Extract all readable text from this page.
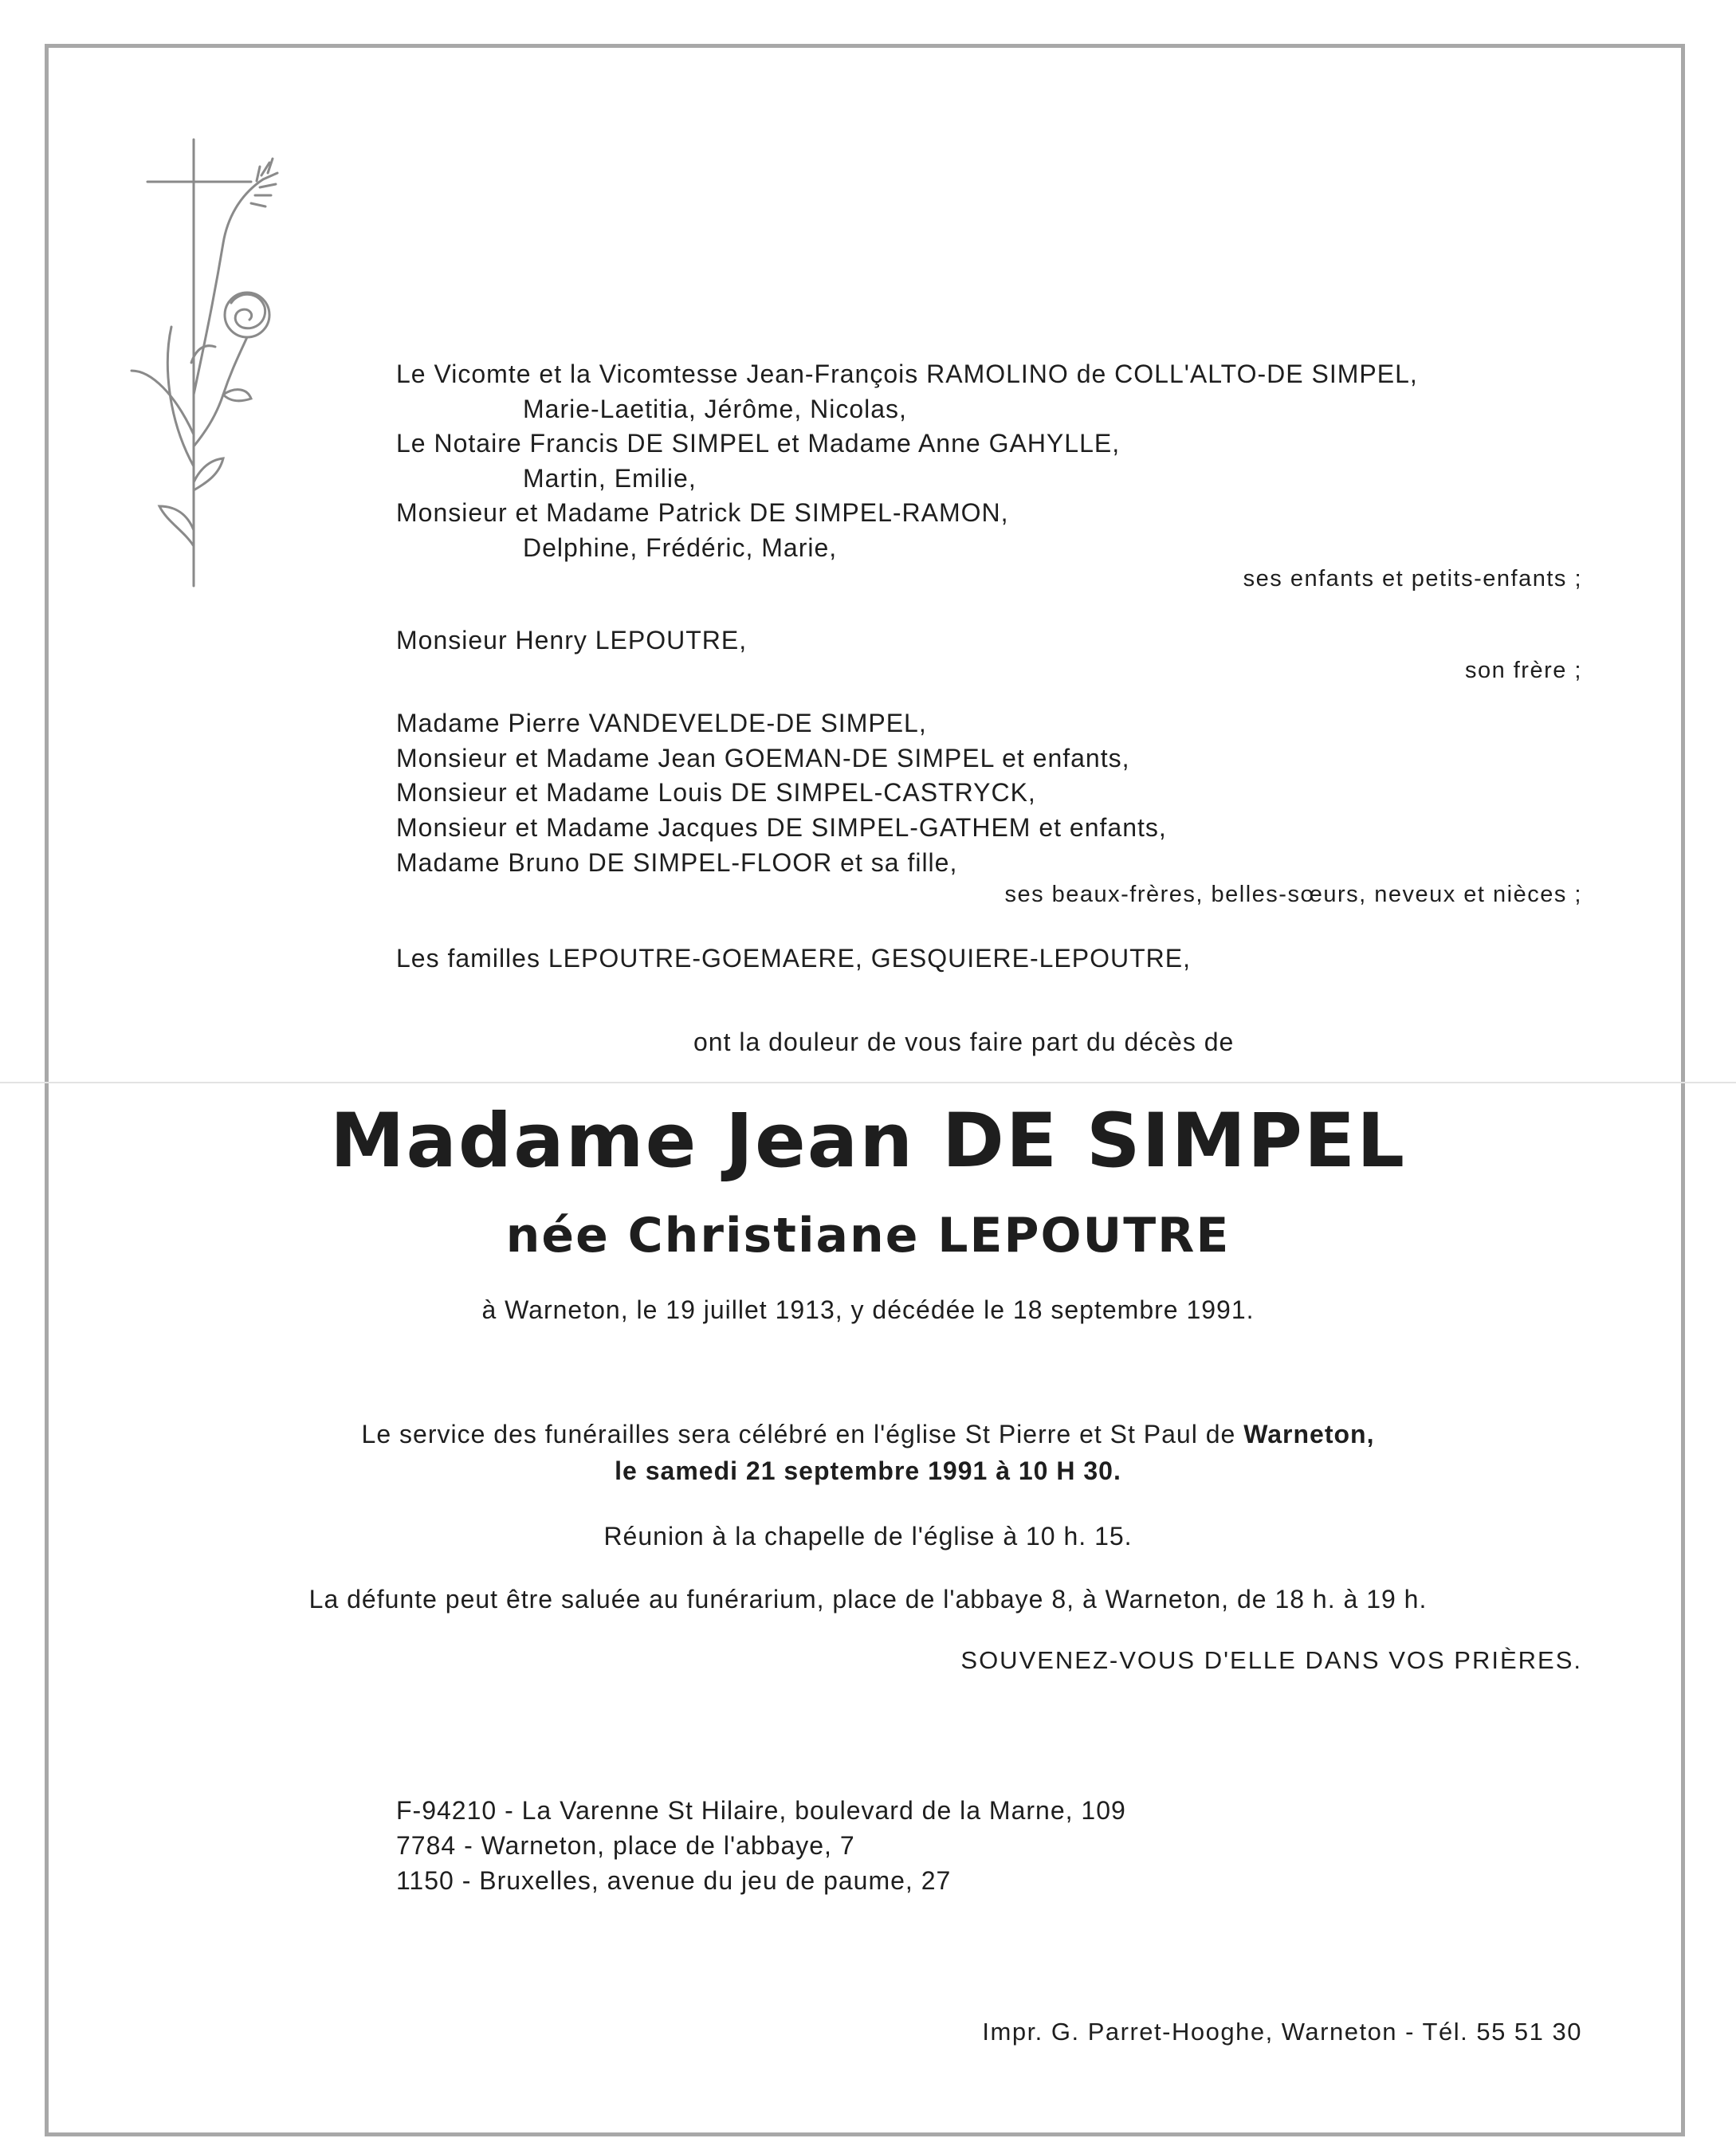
Le Vicomte et la Vicomtesse Jean-François RAMOLINO de COLL'ALTO-DE SIMPEL,
Marie-Laetitia, Jérôme, Nicolas,
Le Notaire Francis DE SIMPEL et Madame Anne GAHYLLE,
Martin, Emilie,
Monsieur et Madame Patrick DE SIMPEL-RAMON,
Delphine, Frédéric, Marie,
ses enfants et petits-enfants ;
Monsieur Henry LEPOUTRE,
son frère ;
Madame Pierre VANDEVELDE-DE SIMPEL,
Monsieur et Madame Jean GOEMAN-DE SIMPEL et enfants,
Monsieur et Madame Louis DE SIMPEL-CASTRYCK,
Monsieur et Madame Jacques DE SIMPEL-GATHEM et enfants,
Madame Bruno DE SIMPEL-FLOOR et sa fille,
ses beaux-frères, belles-sœurs, neveux et nièces ;
Les familles LEPOUTRE-GOEMAERE, GESQUIERE-LEPOUTRE,
ont la douleur de vous faire part du décès de
Madame Jean DE SIMPEL
née Christiane LEPOUTRE
à Warneton, le 19 juillet 1913, y décédée le 18 septembre 1991.
Le service des funérailles sera célébré en l'église St Pierre et St Paul de Warneton,
le samedi 21 septembre 1991 à 10 H 30.
Réunion à la chapelle de l'église à 10 h. 15.
La défunte peut être saluée au funérarium, place de l'abbaye 8, à Warneton, de 18 h. à 19 h.
SOUVENEZ-VOUS D'ELLE DANS VOS PRIÈRES.
F-94210 - La Varenne St Hilaire, boulevard de la Marne, 109
7784 - Warneton, place de l'abbaye, 7
1150 - Bruxelles, avenue du jeu de paume, 27
Impr. G. Parret-Hooghe, Warneton - Tél. 55 51 30
